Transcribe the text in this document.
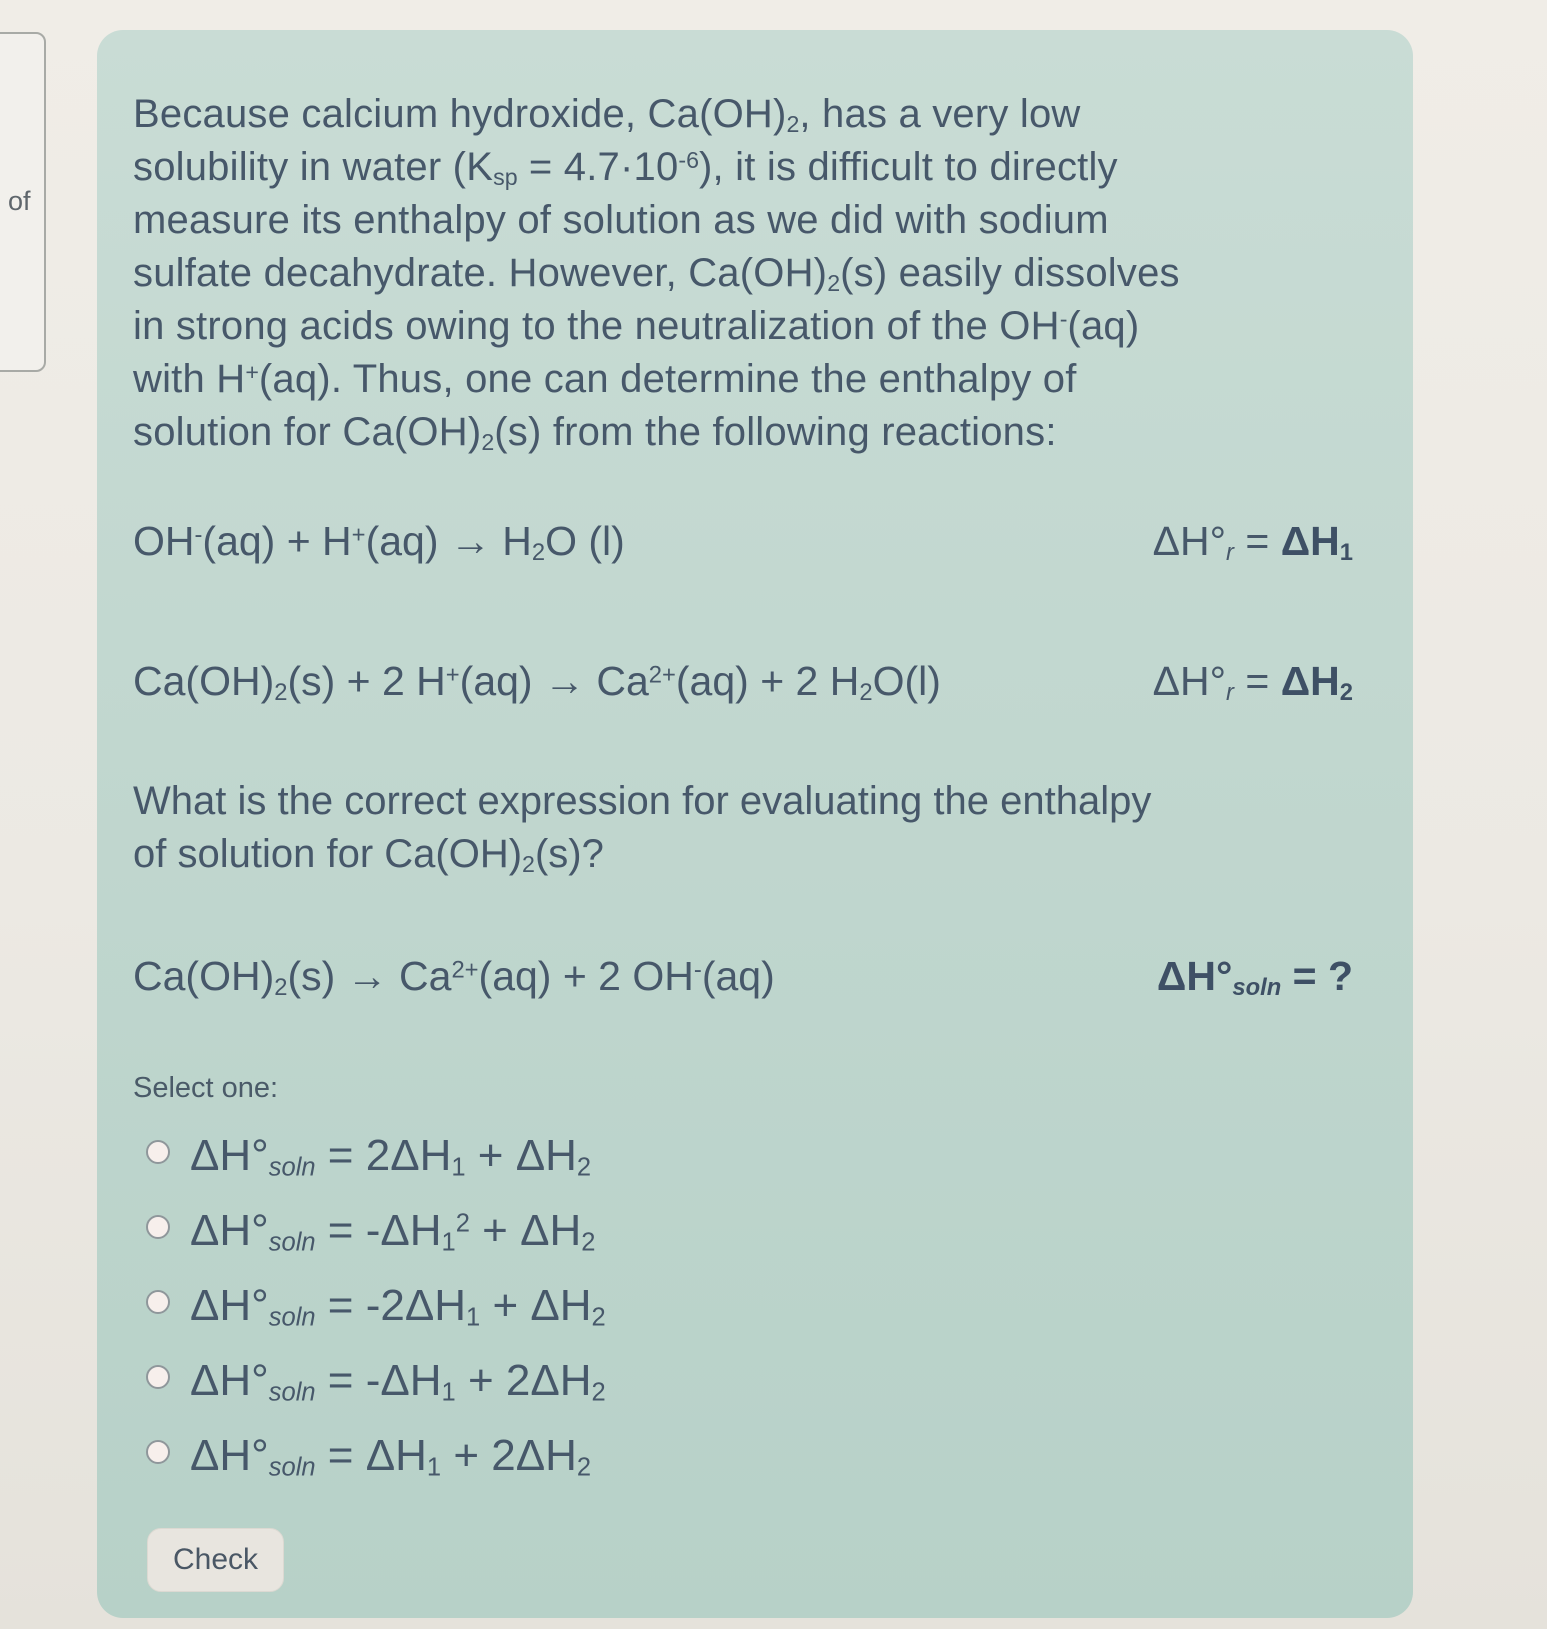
of
Because calcium hydroxide, $Ca(OH)_2$, has a very low
solubility in water $(K_{sp} = 4.7\cdot 10^{-6})$, it is difficult to directly
measure its enthalpy of solution as we did with sodium
sulfate decahydrate. However, $Ca(OH)_2(s)$ easily dissolves
in strong acids owing to the neutralization of the OH-(aq)
with H+(aq). Thus, one can determine the enthalpy of
solution for $Ca(OH)_2(s)$ from the following reactions:
$OH^-(aq) + H^+(aq) \to H_2O$ (l)	$\Delta H^\circ_r = \Delta H_1$
$Ca(OH)_2(s) + 2$ $H^+(aq) \to Ca^{2+}(aq) + 2$ $H_2O(l)$	$\Delta H^\circ_r = \Delta H_2$
What is the correct expression for evaluating the enthalpy
of solution for $Ca(OH)_2(s)$?
$Ca(OH)_2(s) \to Ca^{2+}(aq) + 2$ OH-(aq)	$\Delta H^\circ_{soln}$ = ?
Select one:
$\Delta H^\circ_{soln} = 2\Delta H_1 + \Delta H_2$
$\Delta H^\circ_{soln} = -\Delta H_1^2 + \Delta H_2$
$\Delta H^\circ_{soln} = -2\Delta H_1 + \Delta H_2$
$\Delta H^\circ_{soln} = -\Delta H_1 + 2\Delta H_2$
$\Delta H^\circ_{soln} = \Delta H_1 + 2\Delta H_2$
Check
